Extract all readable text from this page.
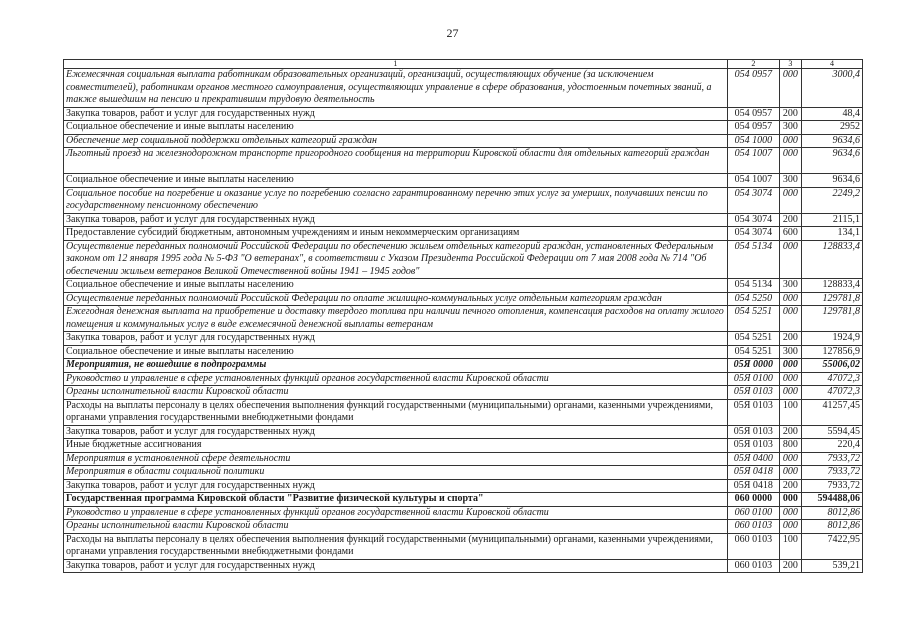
27
1	2	3	4
Ежемесячная социальная выплата работникам образовательных организаций, организаций, осуществляющих обучение (за исключением совместителей), работникам органов местного самоуправления, осуществляющих управление в сфере образования, удостоенным почетных званий, а также вышедшим на пенсию и прекратившим трудовую деятельность	054 0957	000	3000,4
Закупка товаров, работ и услуг для государственных нужд	054 0957	200	48,4
Социальное обеспечение и иные выплаты населению	054 0957	300	2952
Обеспечение мер социальной поддержки отдельных категорий граждан	054 1000	000	9634,6
Льготный проезд на железнодорожном транспорте пригородного сообщения на территории Кировской области для отдельных категорий граждан	054 1007	000	9634,6
Социальное обеспечение и иные выплаты населению	054 1007	300	9634,6
Социальное пособие на погребение и оказание услуг по погребению согласно гарантированному перечню этих услуг за умерших, получавших пенсии по государственному пенсионному обеспечению	054 3074	000	2249,2
Закупка товаров, работ и услуг для государственных нужд	054 3074	200	2115,1
Предоставление субсидий бюджетным, автономным учреждениям и иным некоммерческим организациям	054 3074	600	134,1
Осуществление переданных полномочий Российской Федерации по обеспечению жильем отдельных категорий граждан, установленных Федеральным законом от 12 января 1995 года № 5-ФЗ "О ветеранах", в соответствии с Указом Президента Российской Федерации от 7 мая 2008 года № 714 "Об обеспечении жильем ветеранов Великой Отечественной войны 1941 – 1945 годов"	054 5134	000	128833,4
Социальное обеспечение и иные выплаты населению	054 5134	300	128833,4
Осуществление переданных полномочий Российской Федерации по оплате жилищно-коммунальных услуг отдельным категориям граждан	054 5250	000	129781,8
Ежегодная денежная выплата на приобретение и доставку твердого топлива при наличии печного отопления, компенсация расходов на оплату жилого помещения и коммунальных услуг в виде ежемесячной денежной выплаты ветеранам	054 5251	000	129781,8
Закупка товаров, работ и услуг для государственных нужд	054 5251	200	1924,9
Социальное обеспечение и иные выплаты населению	054 5251	300	127856,9
Мероприятия, не вошедшие в подпрограммы	05Я 0000	000	55006,02
Руководство и управление в сфере установленных функций органов государственной власти Кировской области	05Я 0100	000	47072,3
Органы исполнительной власти Кировской области	05Я 0103	000	47072,3
Расходы на выплаты персоналу в целях обеспечения выполнения функций государственными (муниципальными) органами, казенными учреждениями, органами управления государственными внебюджетными фондами	05Я 0103	100	41257,45
Закупка товаров, работ и услуг для государственных нужд	05Я 0103	200	5594,45
Иные бюджетные ассигнования	05Я 0103	800	220,4
Мероприятия в установленной сфере деятельности	05Я 0400	000	7933,72
Мероприятия в области социальной политики	05Я 0418	000	7933,72
Закупка товаров, работ и услуг для государственных нужд	05Я 0418	200	7933,72
Государственная программа Кировской области "Развитие физической культуры и спорта"	060 0000	000	594488,06
Руководство и управление в сфере установленных функций органов государственной власти Кировской области	060 0100	000	8012,86
Органы исполнительной власти Кировской области	060 0103	000	8012,86
Расходы на выплаты персоналу в целях обеспечения выполнения функций государственными (муниципальными) органами, казенными учреждениями, органами управления государственными внебюджетными фондами	060 0103	100	7422,95
Закупка товаров, работ и услуг для государственных нужд	060 0103	200	539,21
